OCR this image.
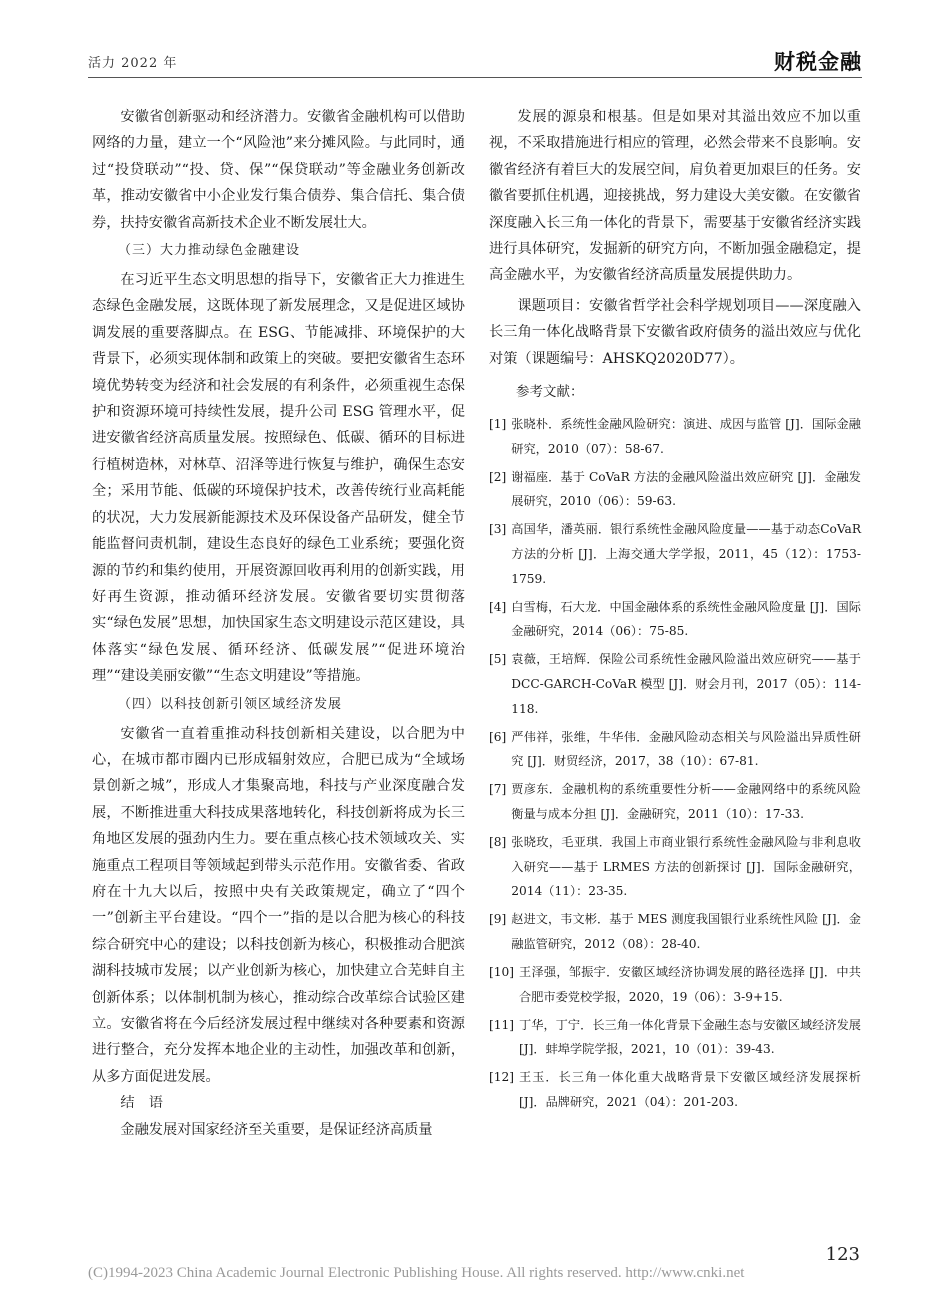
活力 2022 年	财税金融

安徽省创新驱动和经济潜力。安徽省金融机构可以借助网络的力量，建立一个“风险池”来分摊风险。与此同时，通过“投贷联动”“投、贷、保”“保贷联动”等金融业务创新改革，推动安徽省中小企业发行集合债券、集合信托、集合债券，扶持安徽省高新技术企业不断发展壮大。

（三）大力推动绿色金融建设

在习近平生态文明思想的指导下，安徽省正大力推进生态绿色金融发展，这既体现了新发展理念，又是促进区域协调发展的重要落脚点。在 ESG、节能减排、环境保护的大背景下，必须实现体制和政策上的突破。要把安徽省生态环境优势转变为经济和社会发展的有利条件，必须重视生态保护和资源环境可持续性发展，提升公司 ESG 管理水平，促进安徽省经济高质量发展。按照绿色、低碳、循环的目标进行植树造林，对林草、沼泽等进行恢复与维护，确保生态安全；采用节能、低碳的环境保护技术，改善传统行业高耗能的状况，大力发展新能源技术及环保设备产品研发，健全节能监督问责机制，建设生态良好的绿色工业系统；要强化资源的节约和集约使用，开展资源回收再利用的创新实践，用好再生资源，推动循环经济发展。安徽省要切实贯彻落实“绿色发展”思想，加快国家生态文明建设示范区建设，具体落实“绿色发展、循环经济、低碳发展”“促进环境治理”“建设美丽安徽”“生态文明建设”等措施。

（四）以科技创新引领区域经济发展

安徽省一直着重推动科技创新相关建设，以合肥为中心，在城市都市圈内已形成辐射效应，合肥已成为“全域场景创新之城”，形成人才集聚高地，科技与产业深度融合发展，不断推进重大科技成果落地转化，科技创新将成为长三角地区发展的强劲内生力。要在重点核心技术领域攻关、实施重点工程项目等领域起到带头示范作用。安徽省委、省政府在十九大以后，按照中央有关政策规定，确立了“四个一”创新主平台建设。“四个一”指的是以合肥为核心的科技综合研究中心的建设；以科技创新为核心，积极推动合肥滨湖科技城市发展；以产业创新为核心，加快建立合芜蚌自主创新体系；以体制机制为核心，推动综合改革综合试验区建立。安徽省将在今后经济发展过程中继续对各种要素和资源进行整合，充分发挥本地企业的主动性，加强改革和创新，从多方面促进发展。

结　语

金融发展对国家经济至关重要，是保证经济高质量

发展的源泉和根基。但是如果对其溢出效应不加以重视，不采取措施进行相应的管理，必然会带来不良影响。安徽省经济有着巨大的发展空间，肩负着更加艰巨的任务。安徽省要抓住机遇，迎接挑战，努力建设大美安徽。在安徽省深度融入长三角一体化的背景下，需要基于安徽省经济实践进行具体研究，发掘新的研究方向，不断加强金融稳定，提高金融水平，为安徽省经济高质量发展提供助力。

课题项目：安徽省哲学社会科学规划项目——深度融入长三角一体化战略背景下安徽省政府债务的溢出效应与优化对策（课题编号：AHSKQ2020D77）。

参考文献：
[1] 张晓朴．系统性金融风险研究：演进、成因与监管 [J]．国际金融研究，2010（07）：58-67.
[2] 谢福座．基于 CoVaR 方法的金融风险溢出效应研究 [J]．金融发展研究，2010（06）：59-63.
[3] 高国华，潘英丽．银行系统性金融风险度量——基于动态CoVaR 方法的分析 [J]．上海交通大学学报，2011，45（12）：1753-1759.
[4] 白雪梅，石大龙．中国金融体系的系统性金融风险度量 [J]．国际金融研究，2014（06）：75-85.
[5] 袁薇，王培辉．保险公司系统性金融风险溢出效应研究——基于 DCC-GARCH-CoVaR 模型 [J]．财会月刊，2017（05）：114-118.
[6] 严伟祥，张维，牛华伟．金融风险动态相关与风险溢出异质性研究 [J]．财贸经济，2017，38（10）：67-81.
[7] 贾彦东．金融机构的系统重要性分析——金融网络中的系统风险衡量与成本分担 [J]．金融研究，2011（10）：17-33.
[8] 张晓玫，毛亚琪．我国上市商业银行系统性金融风险与非利息收入研究——基于 LRMES 方法的创新探讨 [J]．国际金融研究，2014（11）：23-35.
[9] 赵进文，韦文彬．基于 MES 测度我国银行业系统性风险 [J]．金融监管研究，2012（08）：28-40.
[10] 王泽强，邹振宇．安徽区域经济协调发展的路径选择 [J]．中共合肥市委党校学报，2020，19（06）：3-9+15.
[11] 丁华，丁宁．长三角一体化背景下金融生态与安徽区域经济发展 [J]．蚌埠学院学报，2021，10（01）：39-43.
[12] 王玉．长三角一体化重大战略背景下安徽区域经济发展探析 [J]．品牌研究，2021（04）：201-203.
123
(C)1994-2023 China Academic Journal Electronic Publishing House. All rights reserved. http://www.cnki.net
